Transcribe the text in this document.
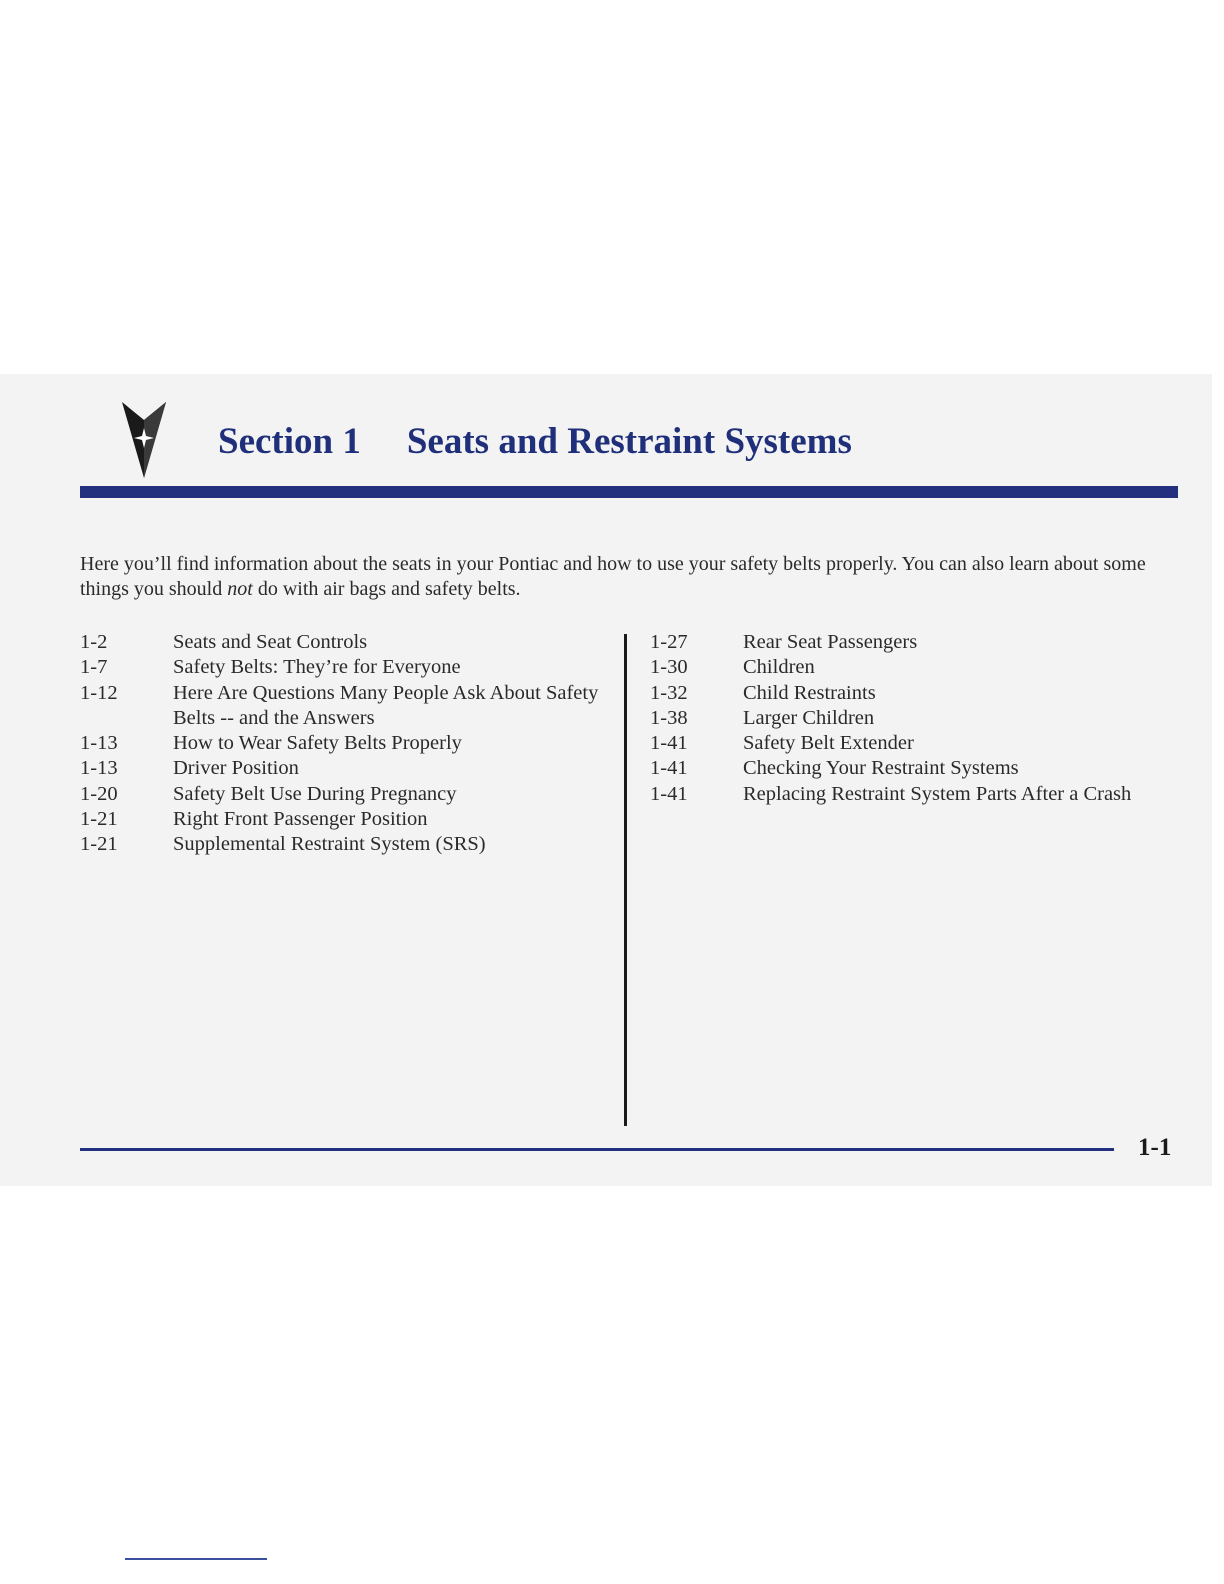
Section 1 Seats and Restraint Systems

Here you’ll find information about the seats in your Pontiac and how to use your safety belts properly. You can also learn about some things you should not do with air bags and safety belts.

1-2	Seats and Seat Controls
1-7	Safety Belts: They’re for Everyone
1-12	Here Are Questions Many People Ask About Safety Belts -- and the Answers
1-13	How to Wear Safety Belts Properly
1-13	Driver Position
1-20	Safety Belt Use During Pregnancy
1-21	Right Front Passenger Position
1-21	Supplemental Restraint System (SRS)
1-27	Rear Seat Passengers
1-30	Children
1-32	Child Restraints
1-38	Larger Children
1-41	Safety Belt Extender
1-41	Checking Your Restraint Systems
1-41	Replacing Restraint System Parts After a Crash
1-1
